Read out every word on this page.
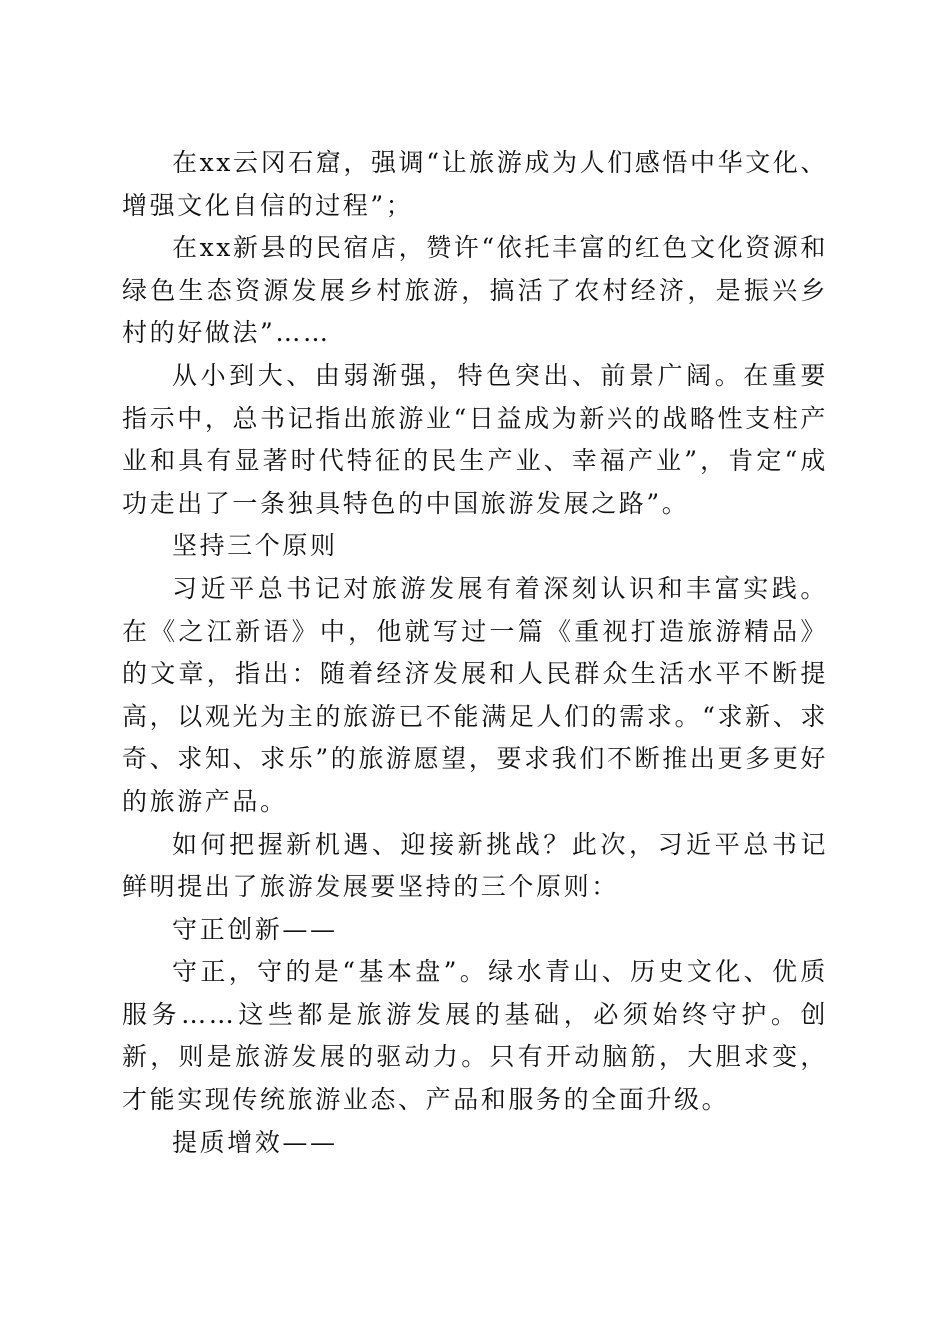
在xx云冈石窟，强调“让旅游成为人们感悟中华文化、增强文化自信的过程”；

在xx新县的民宿店，赞许“依托丰富的红色文化资源和绿色生态资源发展乡村旅游，搞活了农村经济，是振兴乡村的好做法”……

从小到大、由弱渐强，特色突出、前景广阔。在重要指示中，总书记指出旅游业“日益成为新兴的战略性支柱产业和具有显著时代特征的民生产业、幸福产业”，肯定“成功走出了一条独具特色的中国旅游发展之路”。

坚持三个原则

习近平总书记对旅游发展有着深刻认识和丰富实践。在《之江新语》中，他就写过一篇《重视打造旅游精品》的文章，指出：随着经济发展和人民群众生活水平不断提高，以观光为主的旅游已不能满足人们的需求。“求新、求奇、求知、求乐”的旅游愿望，要求我们不断推出更多更好的旅游产品。

如何把握新机遇、迎接新挑战？此次，习近平总书记鲜明提出了旅游发展要坚持的三个原则：

守正创新——

守正，守的是“基本盘”。绿水青山、历史文化、优质服务……这些都是旅游发展的基础，必须始终守护。创新，则是旅游发展的驱动力。只有开动脑筋，大胆求变，才能实现传统旅游业态、产品和服务的全面升级。

提质增效——
